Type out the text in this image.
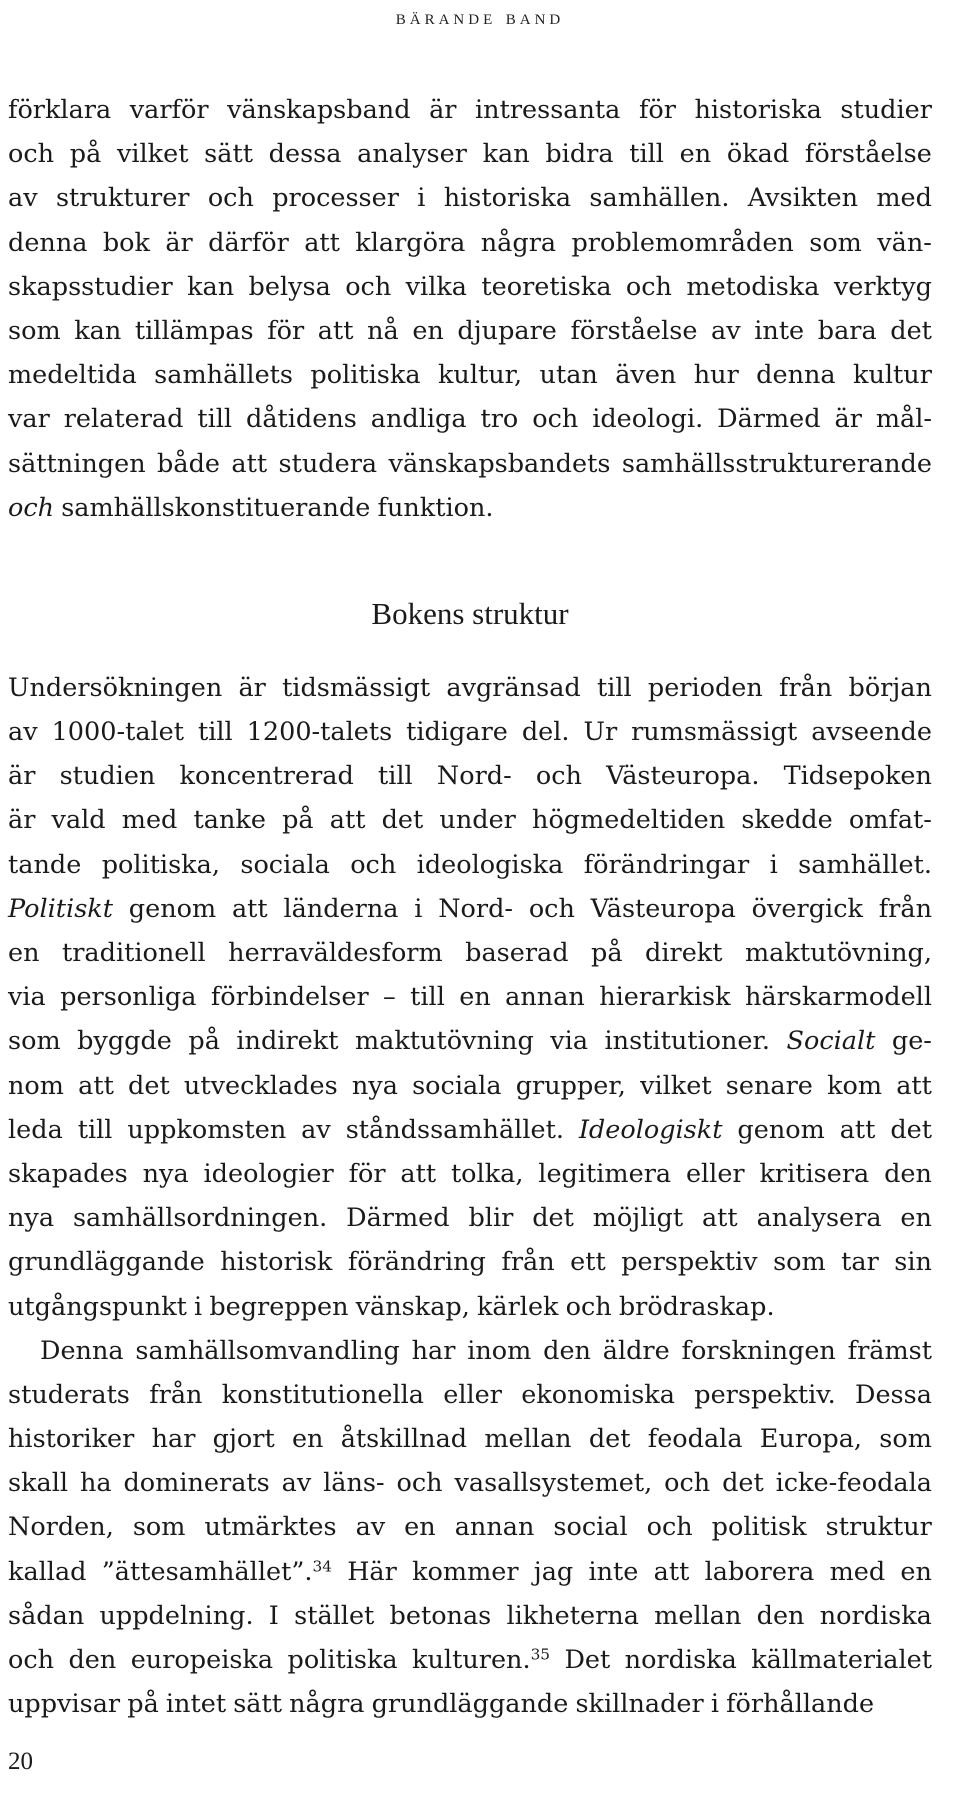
bärande band
förklara varför vänskapsband är intressanta för historiska studier
och på vilket sätt dessa analyser kan bidra till en ökad förståelse
av strukturer och processer i historiska samhällen. Avsikten med
denna bok är därför att klargöra några problemområden som vän-
skapsstudier kan belysa och vilka teoretiska och metodiska verktyg
som kan tillämpas för att nå en djupare förståelse av inte bara det
medeltida samhällets politiska kultur, utan även hur denna kultur
var relaterad till dåtidens andliga tro och ideologi. Därmed är mål-
sättningen både att studera vänskapsbandets samhällsstrukturerande
och samhällskonstituerande funktion.
Bokens struktur
Undersökningen är tidsmässigt avgränsad till perioden från början
av 1000-talet till 1200-talets tidigare del. Ur rumsmässigt avseende
är studien koncentrerad till Nord- och Västeuropa. Tidsepoken
är vald med tanke på att det under högmedeltiden skedde omfat-
tande politiska, sociala och ideologiska förändringar i samhället.
Politiskt genom att länderna i Nord- och Västeuropa övergick från
en traditionell herraväldesform baserad på direkt maktutövning,
via personliga förbindelser – till en annan hierarkisk härskarmodell
som byggde på indirekt maktutövning via institutioner. Socialt ge-
nom att det utvecklades nya sociala grupper, vilket senare kom att
leda till uppkomsten av ståndssamhället. Ideologiskt genom att det
skapades nya ideologier för att tolka, legitimera eller kritisera den
nya samhällsordningen. Därmed blir det möjligt att analysera en
grundläggande historisk förändring från ett perspektiv som tar sin
utgångspunkt i begreppen vänskap, kärlek och brödraskap.
Denna samhällsomvandling har inom den äldre forskningen främst
studerats från konstitutionella eller ekonomiska perspektiv. Dessa
historiker har gjort en åtskillnad mellan det feodala Europa, som
skall ha dominerats av läns- och vasallsystemet, och det icke-feodala
Norden, som utmärktes av en annan social och politisk struktur
kallad ”ättesamhället”.$^{34}$ Här kommer jag inte att laborera med en
sådan uppdelning. I stället betonas likheterna mellan den nordiska
och den europeiska politiska kulturen.$^{35}$ Det nordiska källmaterialet
uppvisar på intet sätt några grundläggande skillnader i förhållande
20
